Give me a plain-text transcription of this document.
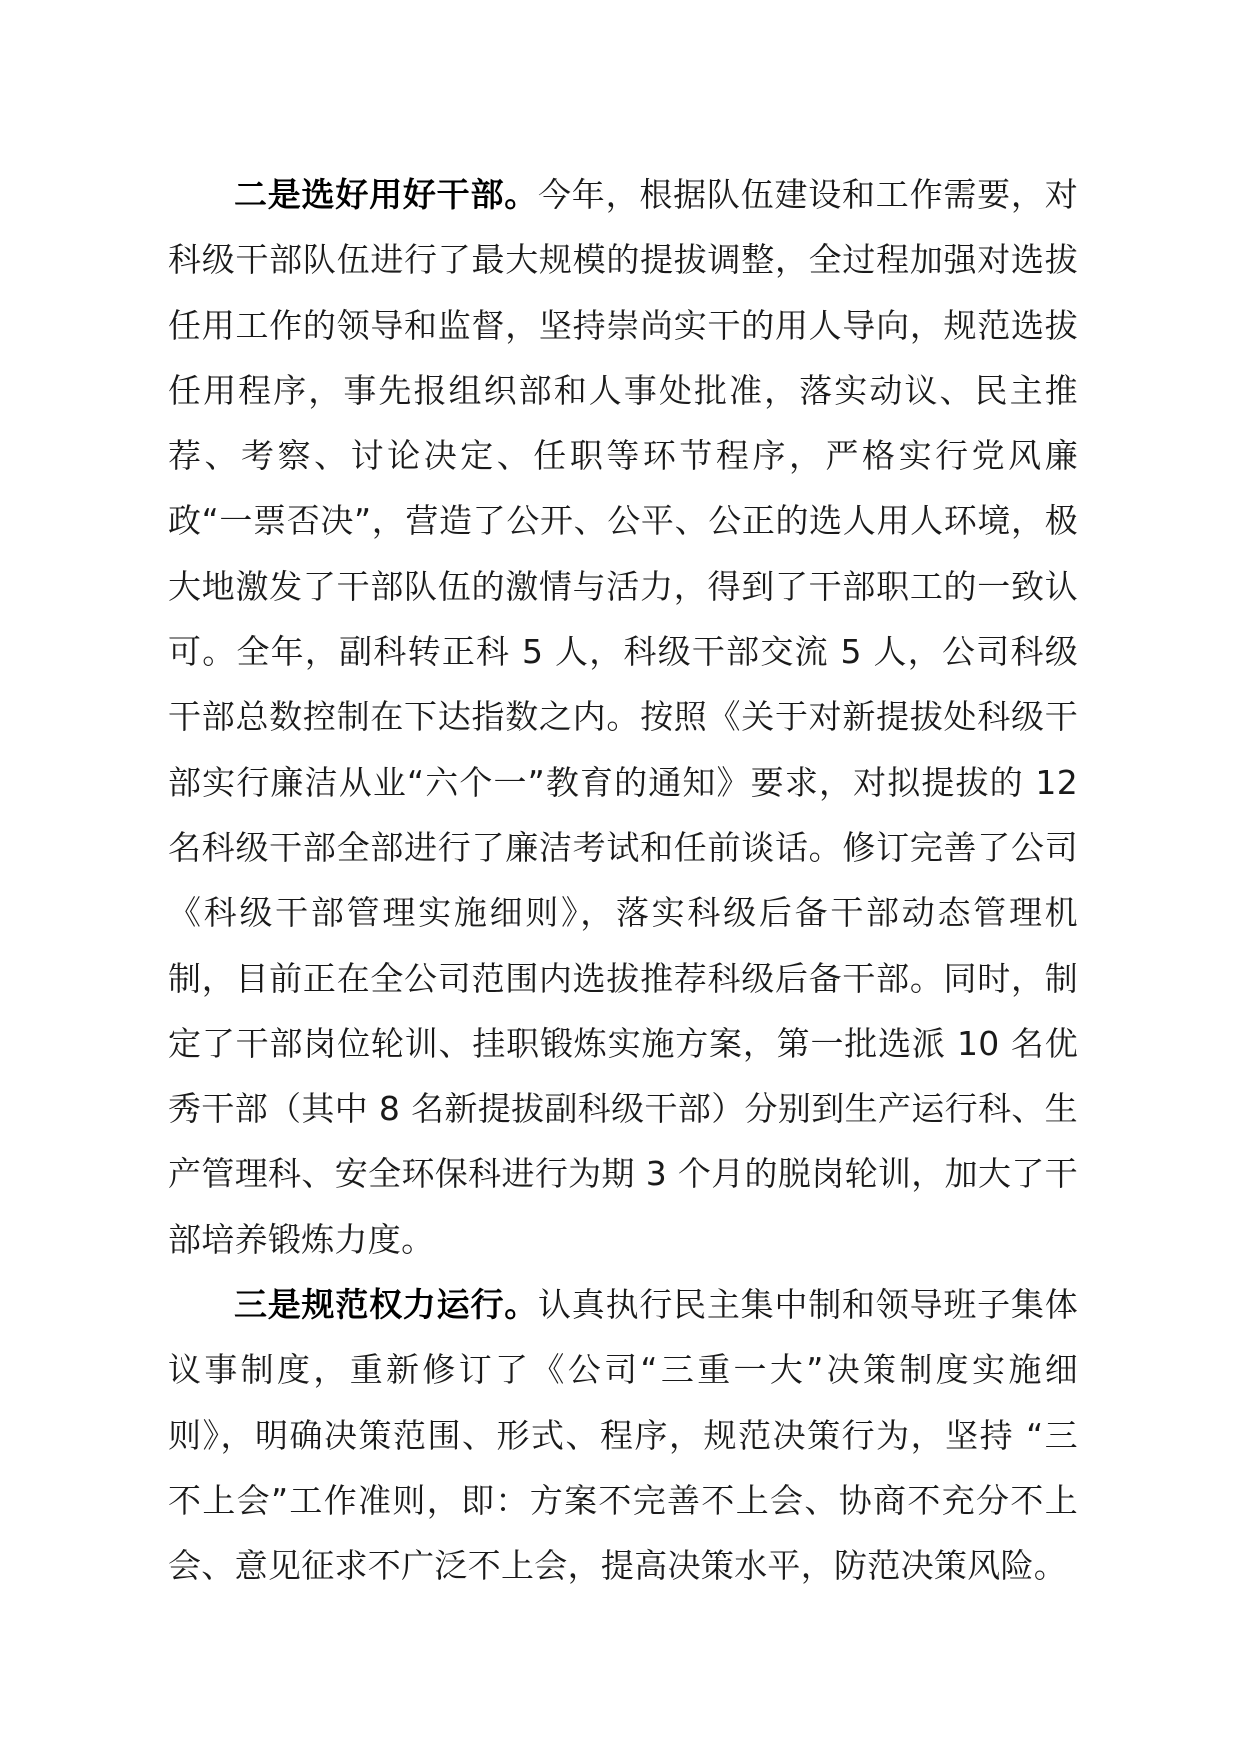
二是选好用好干部。今年，根据队伍建设和工作需要，对科级干部队伍进行了最大规模的提拔调整，全过程加强对选拔任用工作的领导和监督，坚持崇尚实干的用人导向，规范选拔任用程序，事先报组织部和人事处批准，落实动议、民主推荐、考察、讨论决定、任职等环节程序，严格实行党风廉政“一票否决”，营造了公开、公平、公正的选人用人环境，极大地激发了干部队伍的激情与活力，得到了干部职工的一致认可。全年，副科转正科 5 人，科级干部交流 5 人，公司科级干部总数控制在下达指数之内。按照《关于对新提拔处科级干部实行廉洁从业“六个一”教育的通知》要求，对拟提拔的 12 名科级干部全部进行了廉洁考试和任前谈话。修订完善了公司《科级干部管理实施细则》，落实科级后备干部动态管理机制，目前正在全公司范围内选拔推荐科级后备干部。同时，制定了干部岗位轮训、挂职锻炼实施方案，第一批选派 10 名优秀干部（其中 8 名新提拔副科级干部）分别到生产运行科、生产管理科、安全环保科进行为期 3 个月的脱岗轮训，加大了干部培养锻炼力度。

三是规范权力运行。认真执行民主集中制和领导班子集体议事制度，重新修订了《公司“三重一大”决策制度实施细则》，明确决策范围、形式、程序，规范决策行为，坚持 “三不上会”工作准则，即：方案不完善不上会、协商不充分不上会、意见征求不广泛不上会，提高决策水平，防范决策风险。
